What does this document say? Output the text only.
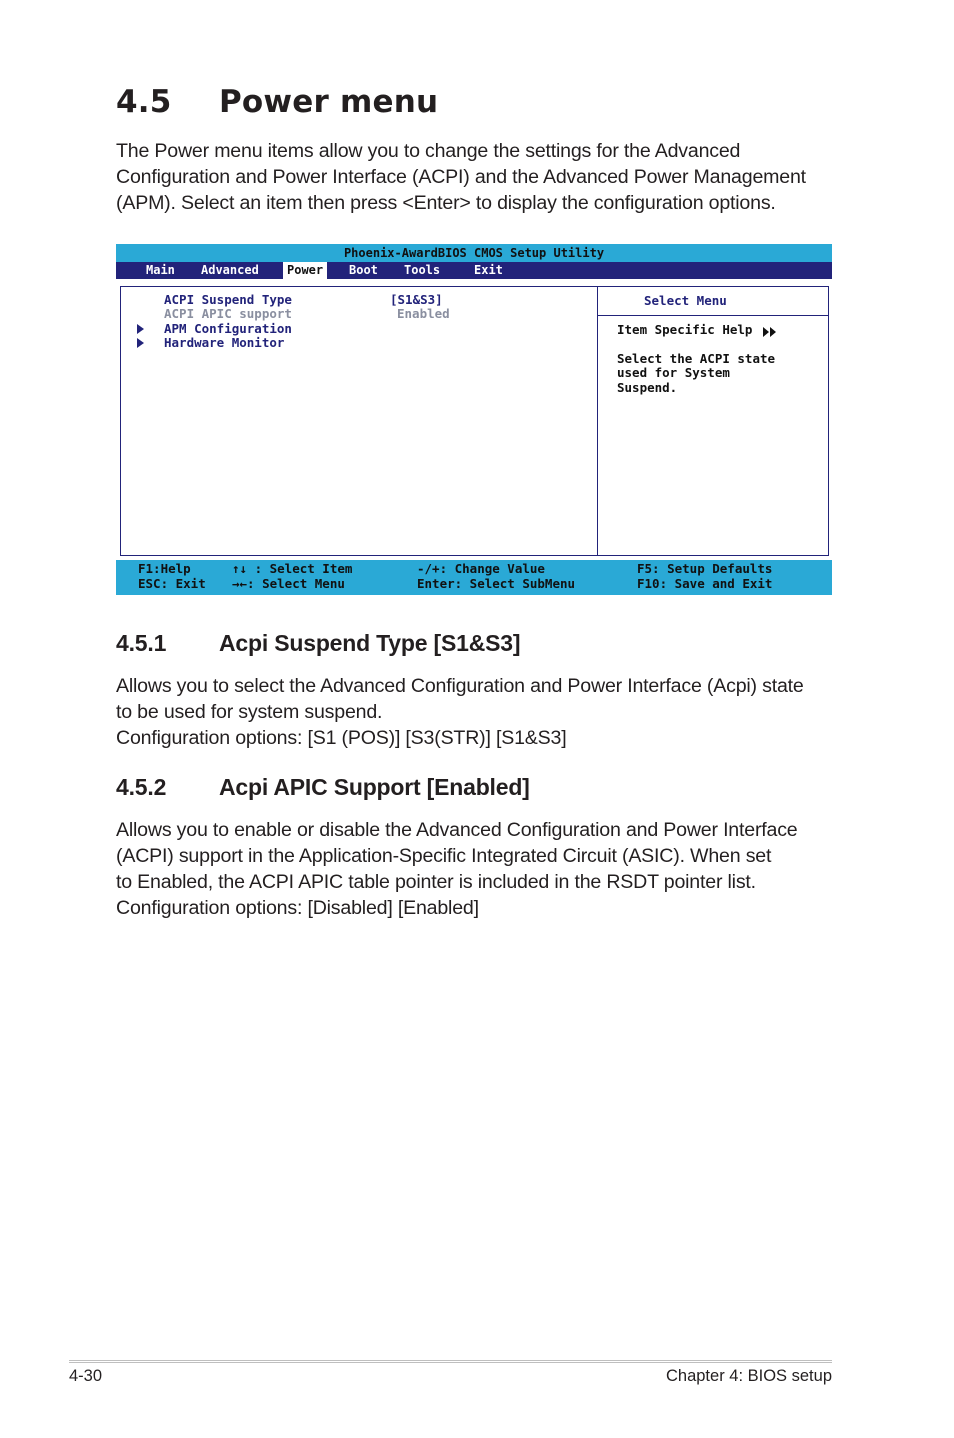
4.5 Power menu

The Power menu items allow you to change the settings for the Advanced
Configuration and Power Interface (ACPI) and the Advanced Power Management
(APM). Select an item then press <Enter> to display the configuration options.

Phoenix-AwardBIOS CMOS Setup Utility
Main Advanced	Power	Boot Tools	Exit
ACPI Suspend Type	[S1&S3]
ACPI APIC support	Enabled
APM Configuration
Hardware Monitor
Select Menu
Item Specific Help
Select the ACPI state
used for System
Suspend.
F1:Help	↑↓ : Select Item	-/+: Change Value	F5: Setup Defaults
ESC: Exit →←: Select Menu	Enter: Select SubMenu	F10: Save and Exit
4.5.1 Acpi Suspend Type [S1&S3]

Allows you to select the Advanced Configuration and Power Interface (Acpi) state
to be used for system suspend.
Configuration options: [S1 (POS)] [S3(STR)] [S1&S3]

4.5.2 Acpi APIC Support [Enabled]

Allows you to enable or disable the Advanced Configuration and Power Interface
(ACPI) support in the Application-Specific Integrated Circuit (ASIC). When set
to Enabled, the ACPI APIC table pointer is included in the RSDT pointer list.
Configuration options: [Disabled] [Enabled]

4-30	Chapter 4: BIOS setup
